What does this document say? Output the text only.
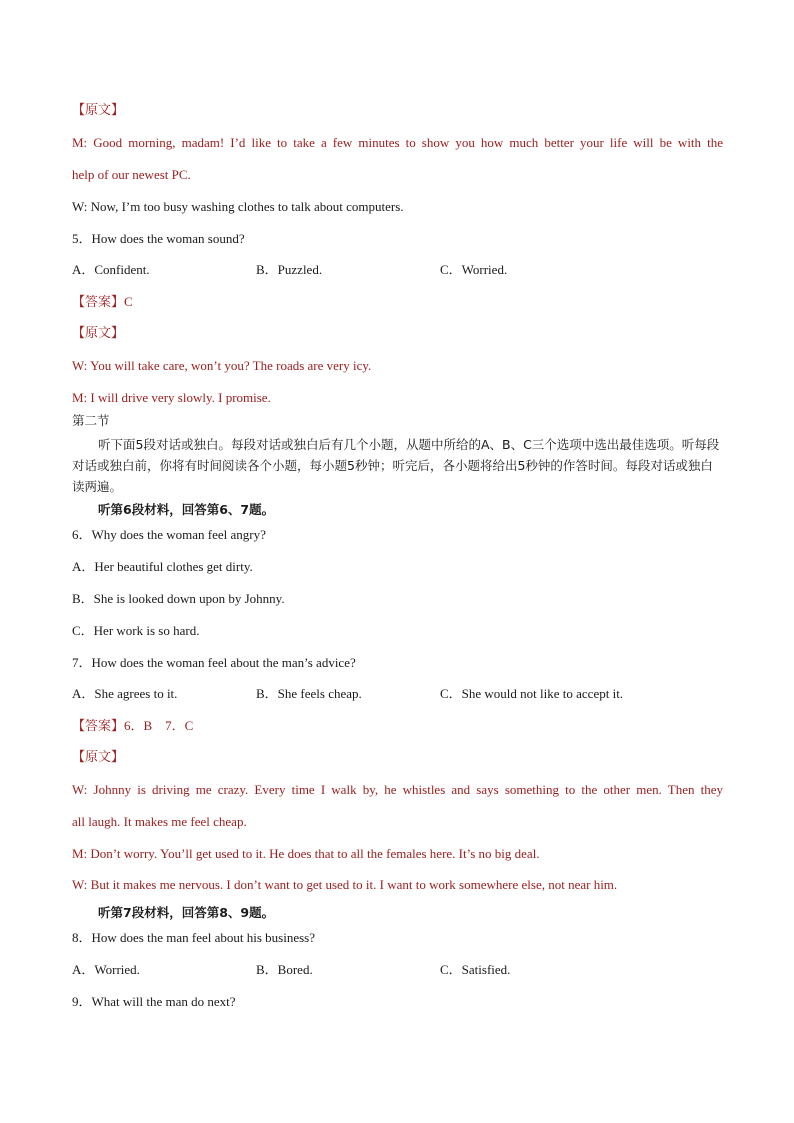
【原文】
M: Good morning, madam! I’d like to take a few minutes to show you how much better your life will be with the
help of our newest PC.
W: Now, I’m too busy washing clothes to talk about computers.
5．How does the woman sound?
A．Confident.	B．Puzzled.	C．Worried.
【答案】C
【原文】
W: You will take care, won’t you? The roads are very icy.
M: I will drive very slowly. I promise.
第二节
听下面5段对话或独白。每段对话或独白后有几个小题，从题中所给的A、B、C三个选项中选出最佳选项。听每段对话或独白前，你将有时间阅读各个小题，每小题5秒钟；听完后，各小题将给出5秒钟的作答时间。每段对话或独白读两遍。
听第6段材料，回答第6、7题。
6．Why does the woman feel angry?
A．Her beautiful clothes get dirty.
B．She is looked down upon by Johnny.
C．Her work is so hard.
7．How does the woman feel about the man’s advice?
A．She agrees to it.	B．She feels cheap.	C．She would not like to accept it.
【答案】6．B　7．C
【原文】
W: Johnny is driving me crazy. Every time I walk by, he whistles and says something to the other men. Then they
all laugh. It makes me feel cheap.
M: Don’t worry. You’ll get used to it. He does that to all the females here. It’s no big deal.
W: But it makes me nervous. I don’t want to get used to it. I want to work somewhere else, not near him.
听第7段材料，回答第8、9题。
8．How does the man feel about his business?
A．Worried.	B．Bored.	C．Satisfied.
9．What will the man do next?
